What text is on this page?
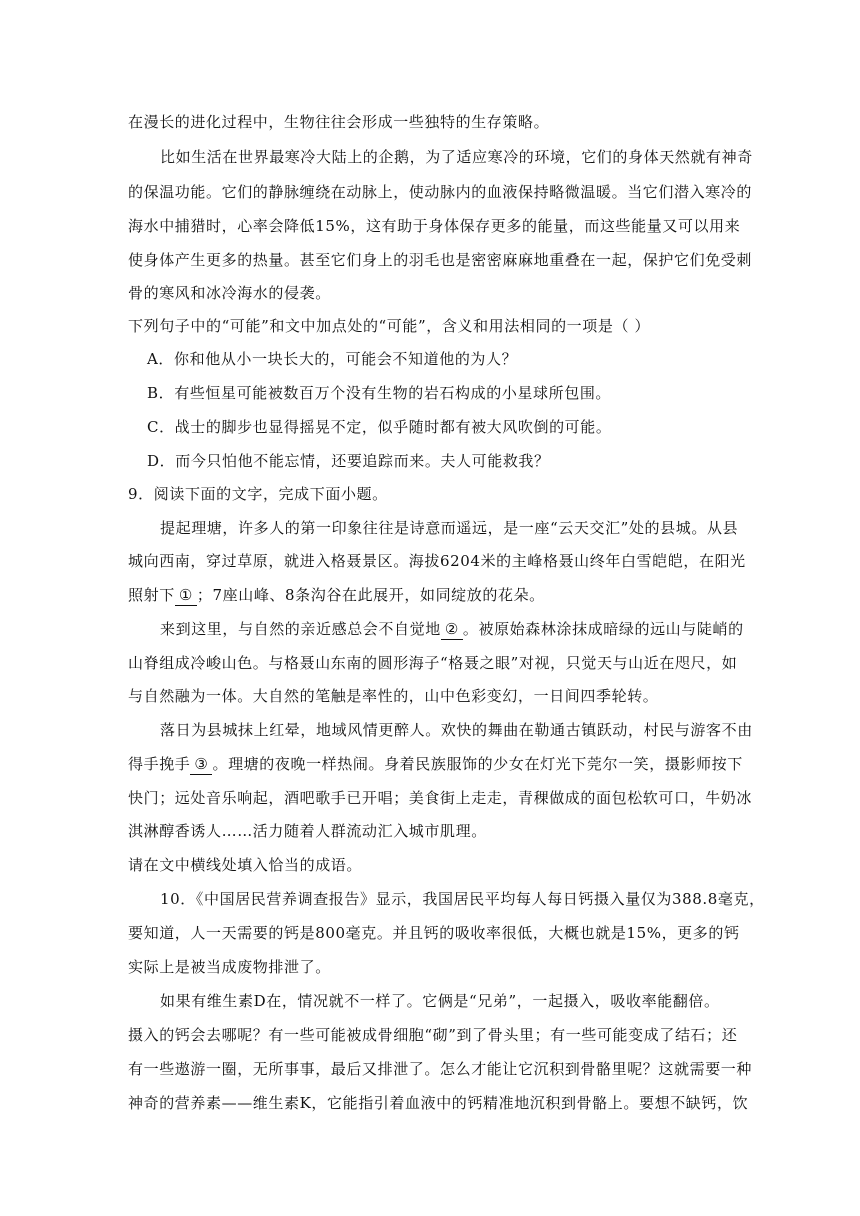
在漫长的进化过程中，生物往往会形成一些独特的生存策略。
比如生活在世界最寒冷大陆上的企鹅，为了适应寒冷的环境，它们的身体天然就有神奇
的保温功能。它们的静脉缠绕在动脉上，使动脉内的血液保持略微温暖。当它们潜入寒冷的
海水中捕猎时，心率会降低15%，这有助于身体保存更多的能量，而这些能量又可以用来
使身体产生更多的热量。甚至它们身上的羽毛也是密密麻麻地重叠在一起，保护它们免受刺
骨的寒风和冰冷海水的侵袭。
下列句子中的“可能”和文中加点处的“可能”，含义和用法相同的一项是（ ）
A．你和他从小一块长大的，可能会不知道他的为人？
B．有些恒星可能被数百万个没有生物的岩石构成的小星球所包围。
C．战士的脚步也显得摇晃不定，似乎随时都有被大风吹倒的可能。
D．而今只怕他不能忘情，还要追踪而来。夫人可能救我？
9．阅读下面的文字，完成下面小题。
提起理塘，许多人的第一印象往往是诗意而遥远，是一座“云天交汇”处的县城。从县
城向西南，穿过草原，就进入格聂景区。海拔6204米的主峰格聂山终年白雪皑皑，在阳光
照射下 ① ；7座山峰、8条沟谷在此展开，如同绽放的花朵。
来到这里，与自然的亲近感总会不自觉地 ② 。被原始森林涂抹成暗绿的远山与陡峭的
山脊组成冷峻山色。与格聂山东南的圆形海子“格聂之眼”对视，只觉天与山近在咫尺，如
与自然融为一体。大自然的笔触是率性的，山中色彩变幻，一日间四季轮转。
落日为县城抹上红晕，地域风情更醉人。欢快的舞曲在勒通古镇跃动，村民与游客不由
得手挽手 ③ 。理塘的夜晚一样热闹。身着民族服饰的少女在灯光下莞尔一笑，摄影师按下
快门；远处音乐响起，酒吧歌手已开唱；美食街上走走，青稞做成的面包松软可口，牛奶冰
淇淋醇香诱人……活力随着人群流动汇入城市肌理。
请在文中横线处填入恰当的成语。
10．《中国居民营养调查报告》显示，我国居民平均每人每日钙摄入量仅为388.8毫克，
要知道，人一天需要的钙是800毫克。并且钙的吸收率很低，大概也就是15%，更多的钙
实际上是被当成废物排泄了。
如果有维生素D在，情况就不一样了。它俩是“兄弟”，一起摄入，吸收率能翻倍。
摄入的钙会去哪呢？有一些可能被成骨细胞“砌”到了骨头里；有一些可能变成了结石；还
有一些遨游一圈，无所事事，最后又排泄了。怎么才能让它沉积到骨骼里呢？这就需要一种
神奇的营养素——维生素K，它能指引着血液中的钙精准地沉积到骨骼上。要想不缺钙，饮
